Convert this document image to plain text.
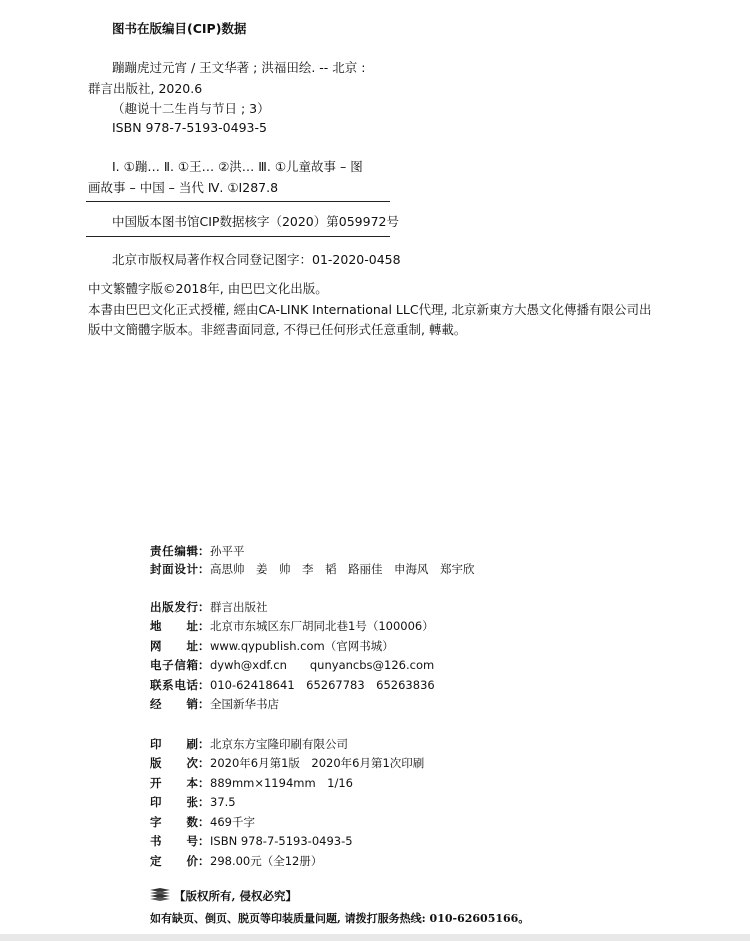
图书在版编目(CIP)数据
蹦蹦虎过元宵 / 王文华著 ; 洪福田绘. -- 北京 :
群言出版社, 2020.6
（趣说十二生肖与节日 ; 3）
ISBN 978-7-5193-0493-5
Ⅰ. ①蹦… Ⅱ. ①王… ②洪… Ⅲ. ①儿童故事 – 图
画故事 – 中国 – 当代 Ⅳ. ①I287.8
中国版本图书馆CIP数据核字（2020）第059972号
北京市版权局著作权合同登记图字：01-2020-0458
中文繁體字版©2018年, 由巴巴文化出版。
本書由巴巴文化正式授權, 經由CA-LINK International LLC代理, 北京新東方大愚文化傳播有限公司出
版中文簡體字版本。非經書面同意, 不得已任何形式任意重制, 轉載。
责任编辑：孙平平
封面设计：高思帅　姜　帅　李　韬　路丽佳　申海风　郑宇欣
出版发行：群言出版社
地　　址：北京市东城区东厂胡同北巷1号（100006）
网　　址：www.qypublish.com（官网书城）
电子信箱：dywh@xdf.cn　　qunyancbs@126.com
联系电话：010-62418641　65267783　65263836
经　　销：全国新华书店
印　　刷：北京东方宝隆印刷有限公司
版　　次：2020年6月第1版　2020年6月第1次印刷
开　　本：889mm×1194mm　1/16
印　　张：37.5
字　　数：469千字
书　　号：ISBN 978-7-5193-0493-5
定　　价：298.00元（全12册）
【版权所有, 侵权必究】
如有缺页、倒页、脱页等印装质量问题, 请拨打服务热线: 010-62605166。
